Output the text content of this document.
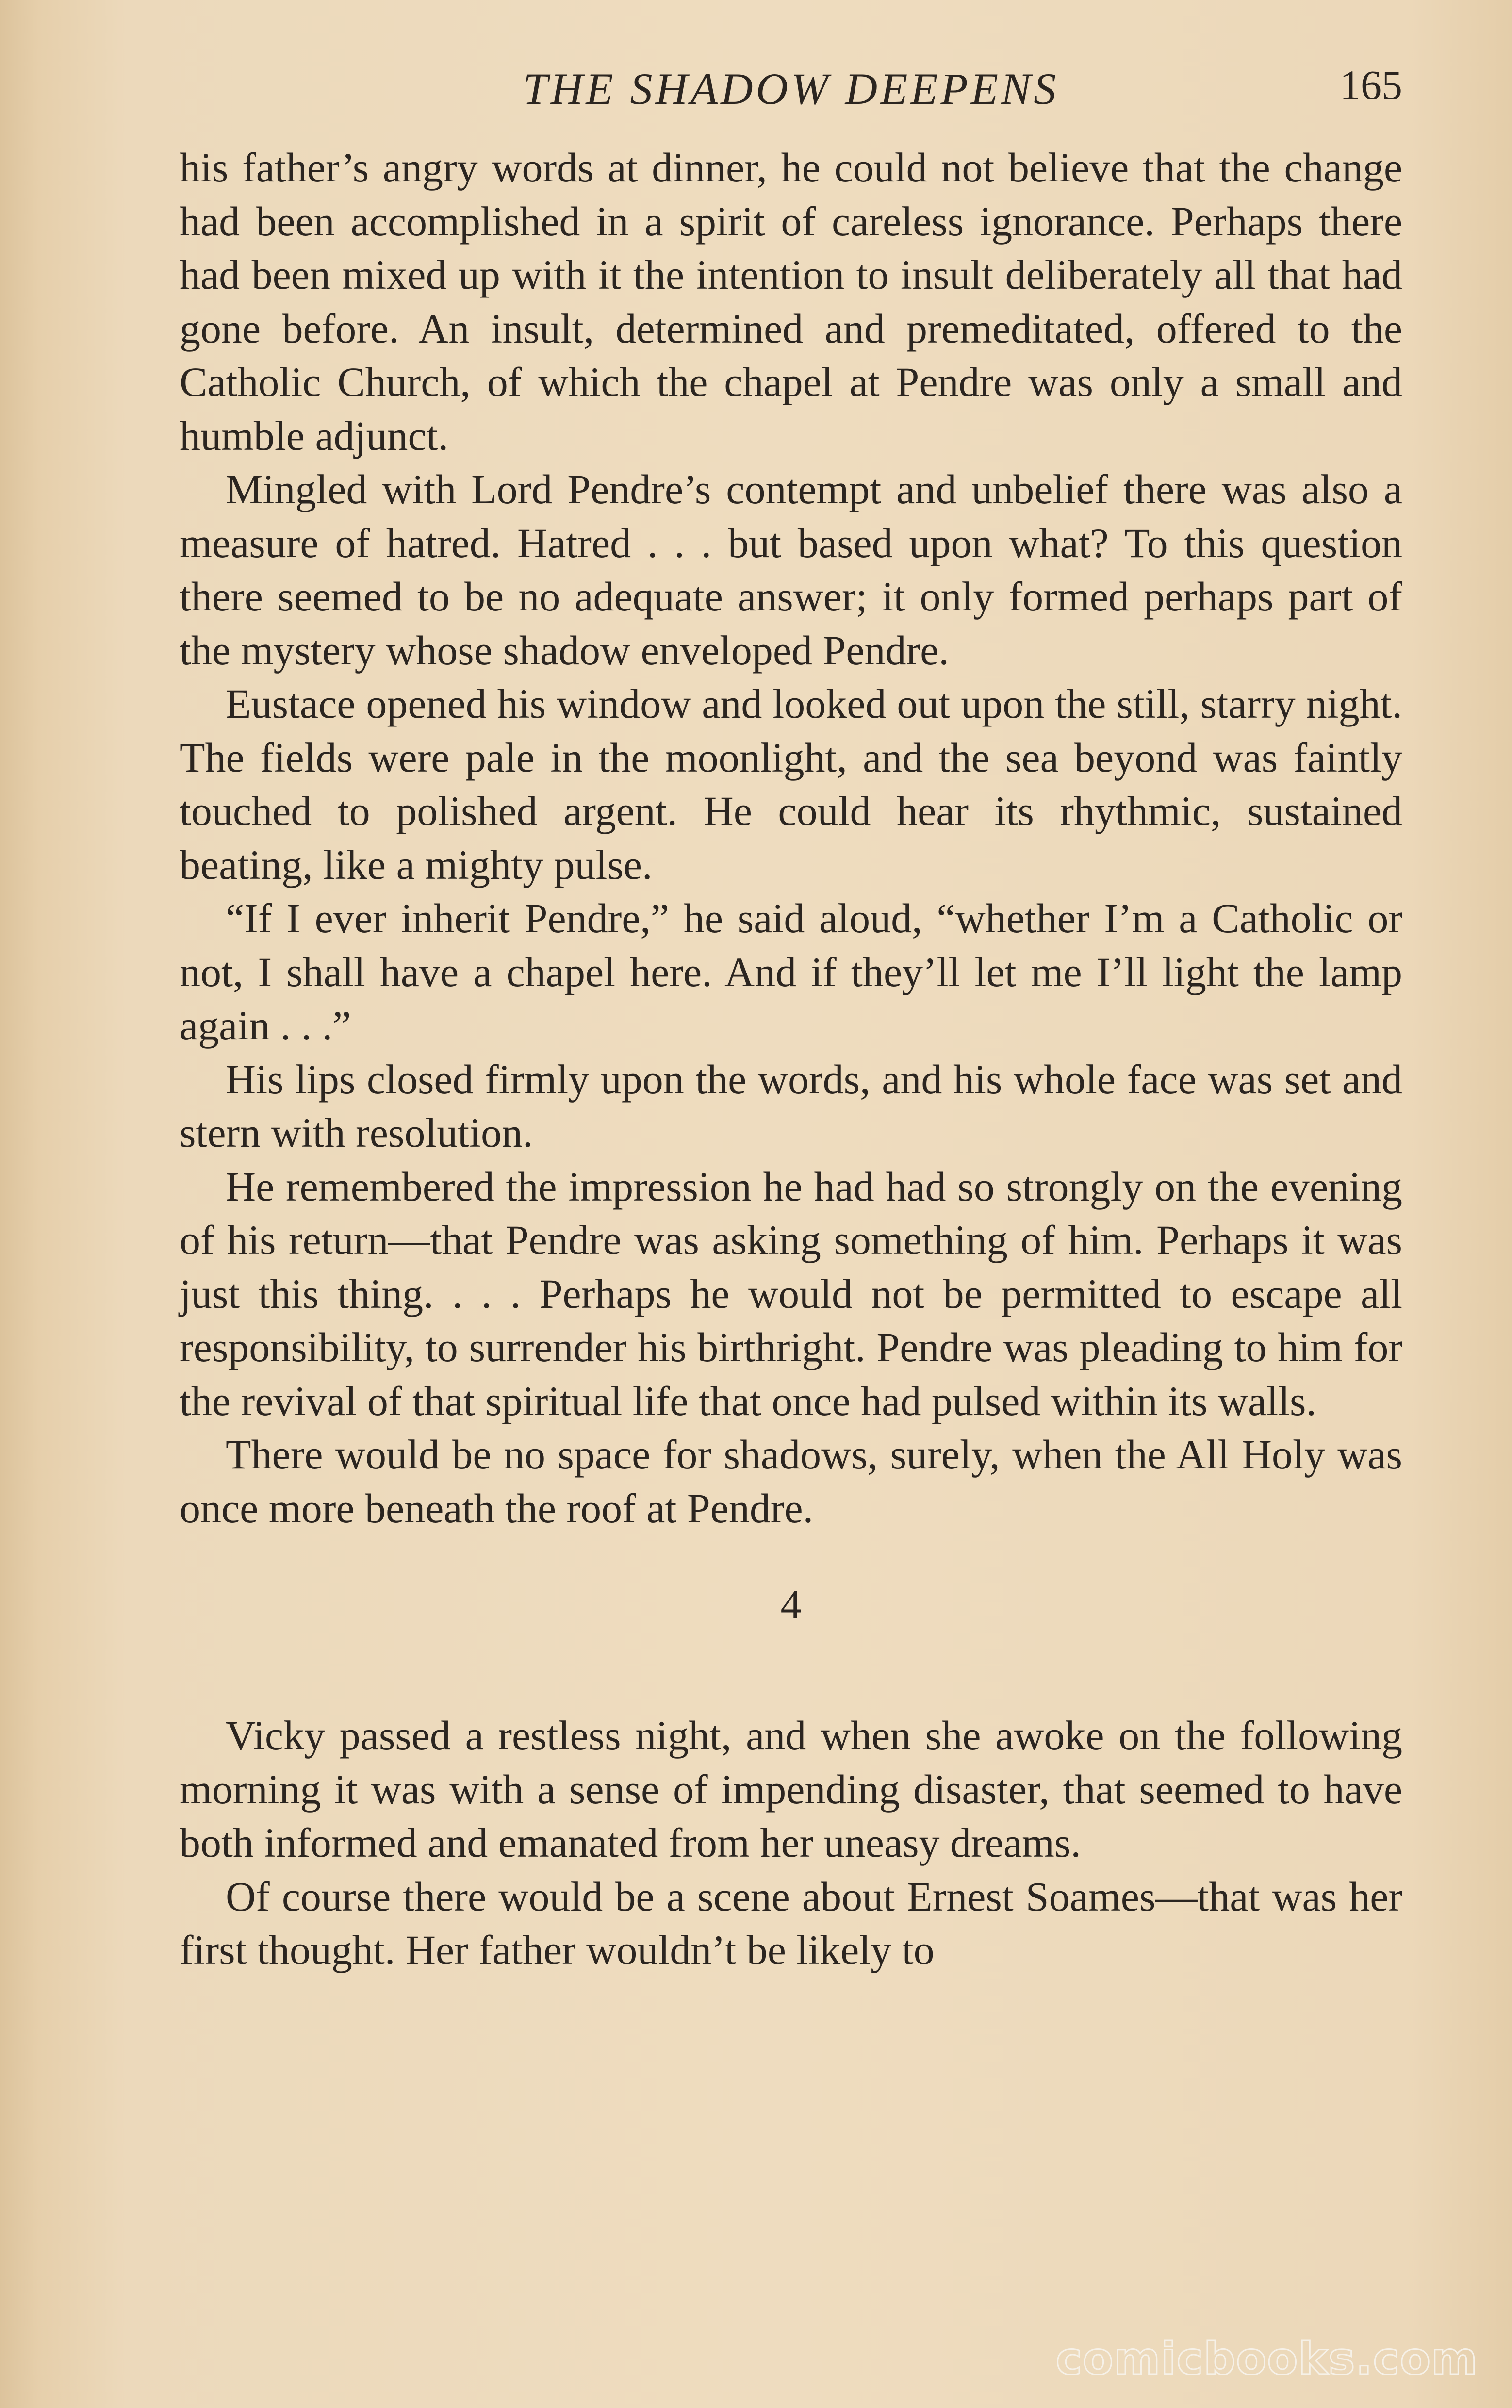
THE SHADOW DEEPENS	165

his father’s angry words at dinner, he could not believe that the change had been accomplished in a spirit of careless ignorance. Perhaps there had been mixed up with it the intention to insult deliberately all that had gone before. An insult, determined and premeditated, offered to the Catholic Church, of which the chapel at Pendre was only a small and humble adjunct.

Mingled with Lord Pendre’s contempt and unbelief there was also a measure of hatred. Hatred . . . but based upon what? To this question there seemed to be no adequate answer; it only formed perhaps part of the mystery whose shadow enveloped Pendre.

Eustace opened his window and looked out upon the still, starry night. The fields were pale in the moonlight, and the sea beyond was faintly touched to polished argent. He could hear its rhythmic, sustained beating, like a mighty pulse.

“If I ever inherit Pendre,” he said aloud, “whether I’m a Catholic or not, I shall have a chapel here. And if they’ll let me I’ll light the lamp again . . .”

His lips closed firmly upon the words, and his whole face was set and stern with resolution.

He remembered the impression he had had so strongly on the evening of his return—that Pendre was asking something of him. Perhaps it was just this thing. . . . Perhaps he would not be permitted to escape all responsibility, to surrender his birthright. Pendre was pleading to him for the revival of that spiritual life that once had pulsed within its walls.

There would be no space for shadows, surely, when the All Holy was once more beneath the roof at Pendre.

4

Vicky passed a restless night, and when she awoke on the following morning it was with a sense of impending disaster, that seemed to have both informed and emanated from her uneasy dreams.

Of course there would be a scene about Ernest Soames—that was her first thought. Her father wouldn’t be likely to

comicbooks.com
